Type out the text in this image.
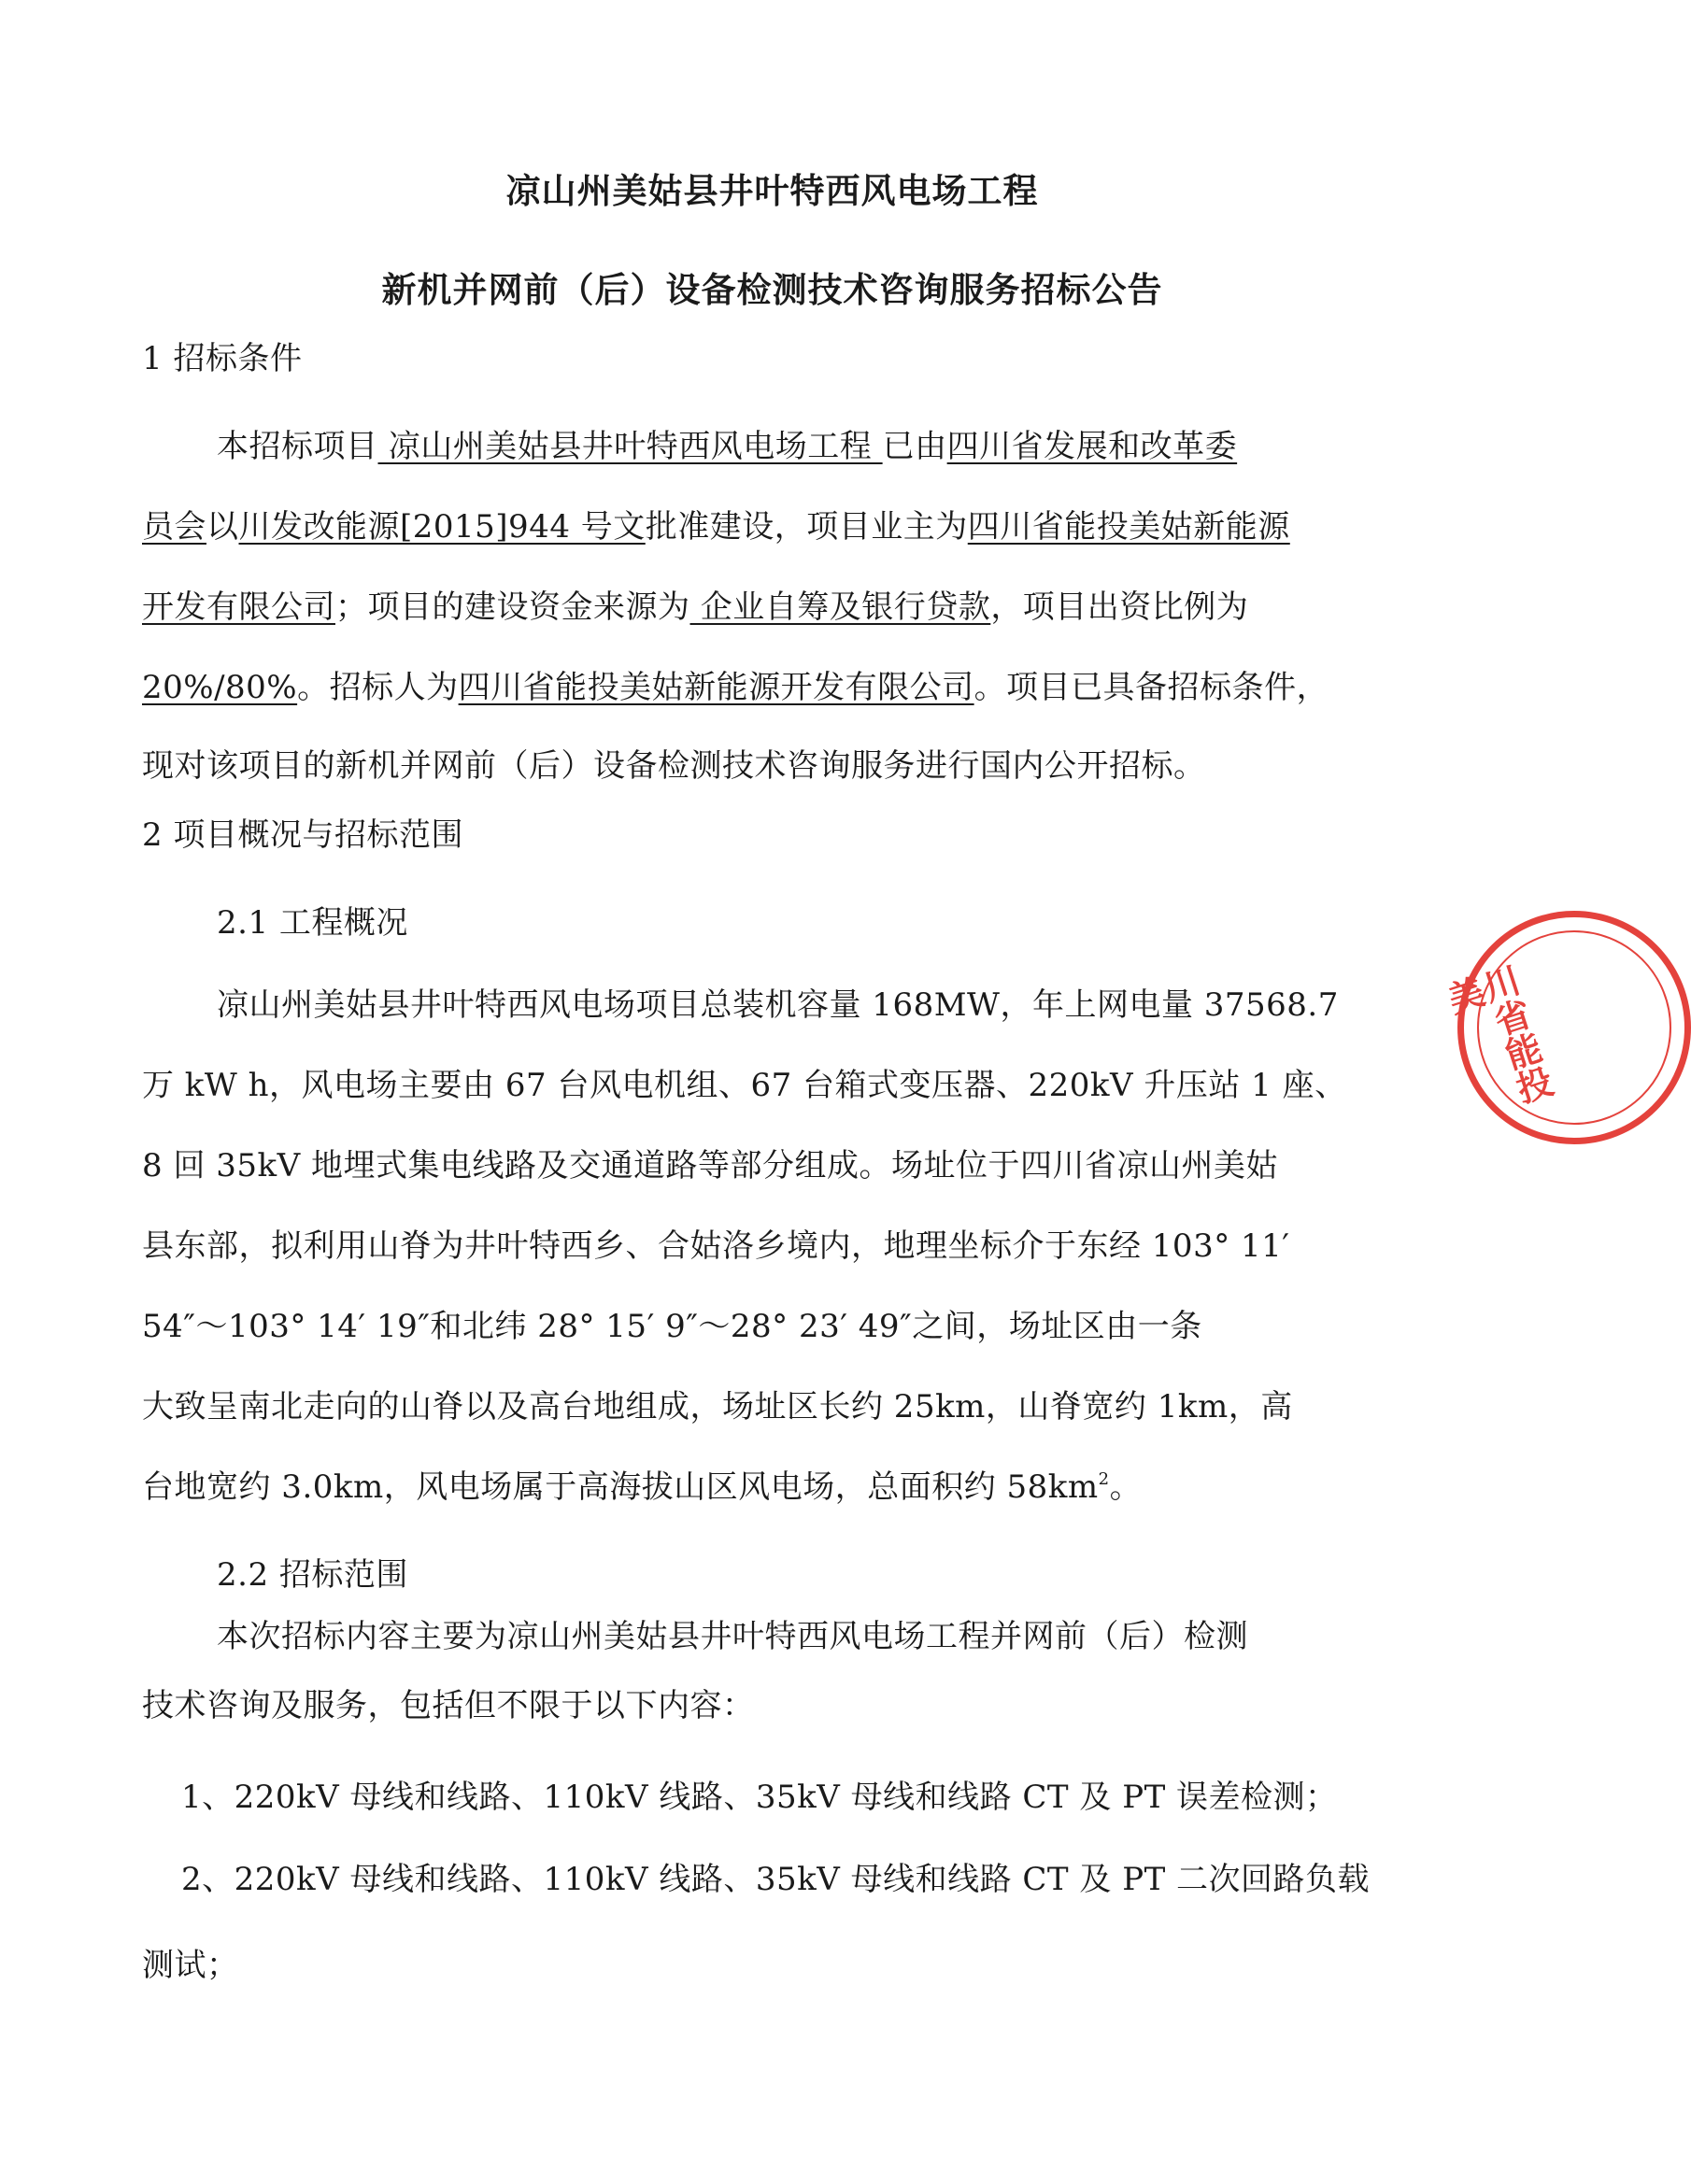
凉山州美姑县井叶特西风电场工程
新机并网前（后）设备检测技术咨询服务招标公告
1 招标条件
本招标项目 凉山州美姑县井叶特西风电场工程 已由四川省发展和改革委
员会以川发改能源[2015]944 号文批准建设，项目业主为四川省能投美姑新能源
开发有限公司；项目的建设资金来源为 企业自筹及银行贷款，项目出资比例为
20%/80%。招标人为四川省能投美姑新能源开发有限公司。项目已具备招标条件，
现对该项目的新机并网前（后）设备检测技术咨询服务进行国内公开招标。
2 项目概况与招标范围
2.1 工程概况
凉山州美姑县井叶特西风电场项目总装机容量 168MW，年上网电量 37568.7
万 kW h，风电场主要由 67 台风电机组、67 台箱式变压器、220kV 升压站 1 座、
8 回 35kV 地埋式集电线路及交通道路等部分组成。场址位于四川省凉山州美姑
县东部，拟利用山脊为井叶特西乡、合姑洛乡境内，地理坐标介于东经 103° 11′
54″～103° 14′ 19″和北纬 28° 15′ 9″～28° 23′ 49″之间，场址区由一条
大致呈南北走向的山脊以及高台地组成，场址区长约 25km，山脊宽约 1km，高
台地宽约 3.0km，风电场属于高海拔山区风电场，总面积约 $58km^2$。
2.2 招标范围
本次招标内容主要为凉山州美姑县井叶特西风电场工程并网前（后）检测
技术咨询及服务，包括但不限于以下内容：
1、220kV 母线和线路、110kV 线路、35kV 母线和线路 CT 及 PT 误差检测；
2、220kV 母线和线路、110kV 线路、35kV 母线和线路 CT 及 PT 二次回路负载
测试；
川省能投美
